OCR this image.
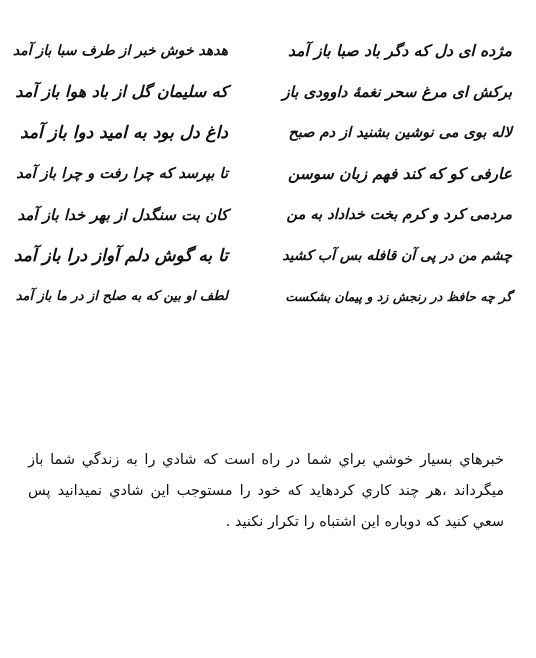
مژده ای دل که دگر باد صبا باز آمد
هدهد خوش خبر از طرف سبا باز آمد
برکش ای مرغ سحر نغمهٔ داوودی باز
که سلیمان گل از باد هوا باز آمد
لاله بوی می نوشین بشنید از دم صبح
داغ دل بود به امید دوا باز آمد
عارفی کو که کند فهم زبان سوسن
تا بپرسد که چرا رفت و چرا باز آمد
مردمی کرد و کرم بخت خداداد به من
کان بت سنگدل از بهر خدا باز آمد
چشم من در پی آن قافله بس آب کشید
تا به گوش دلم آواز درا باز آمد
گر چه حافظ در رنجش زد و پیمان بشکست
لطف او بین که به صلح از در ما باز آمد
خبرهاي بسيار خوشي براي شما در راه است که شادي را به زندگي شما باز ميگرداند ،هر چند کاري کردهايد که خود را مستوجب اين شادي نميدانيد پس سعي کنيد که دوباره اين اشتباه را تکرار نکنيد .
